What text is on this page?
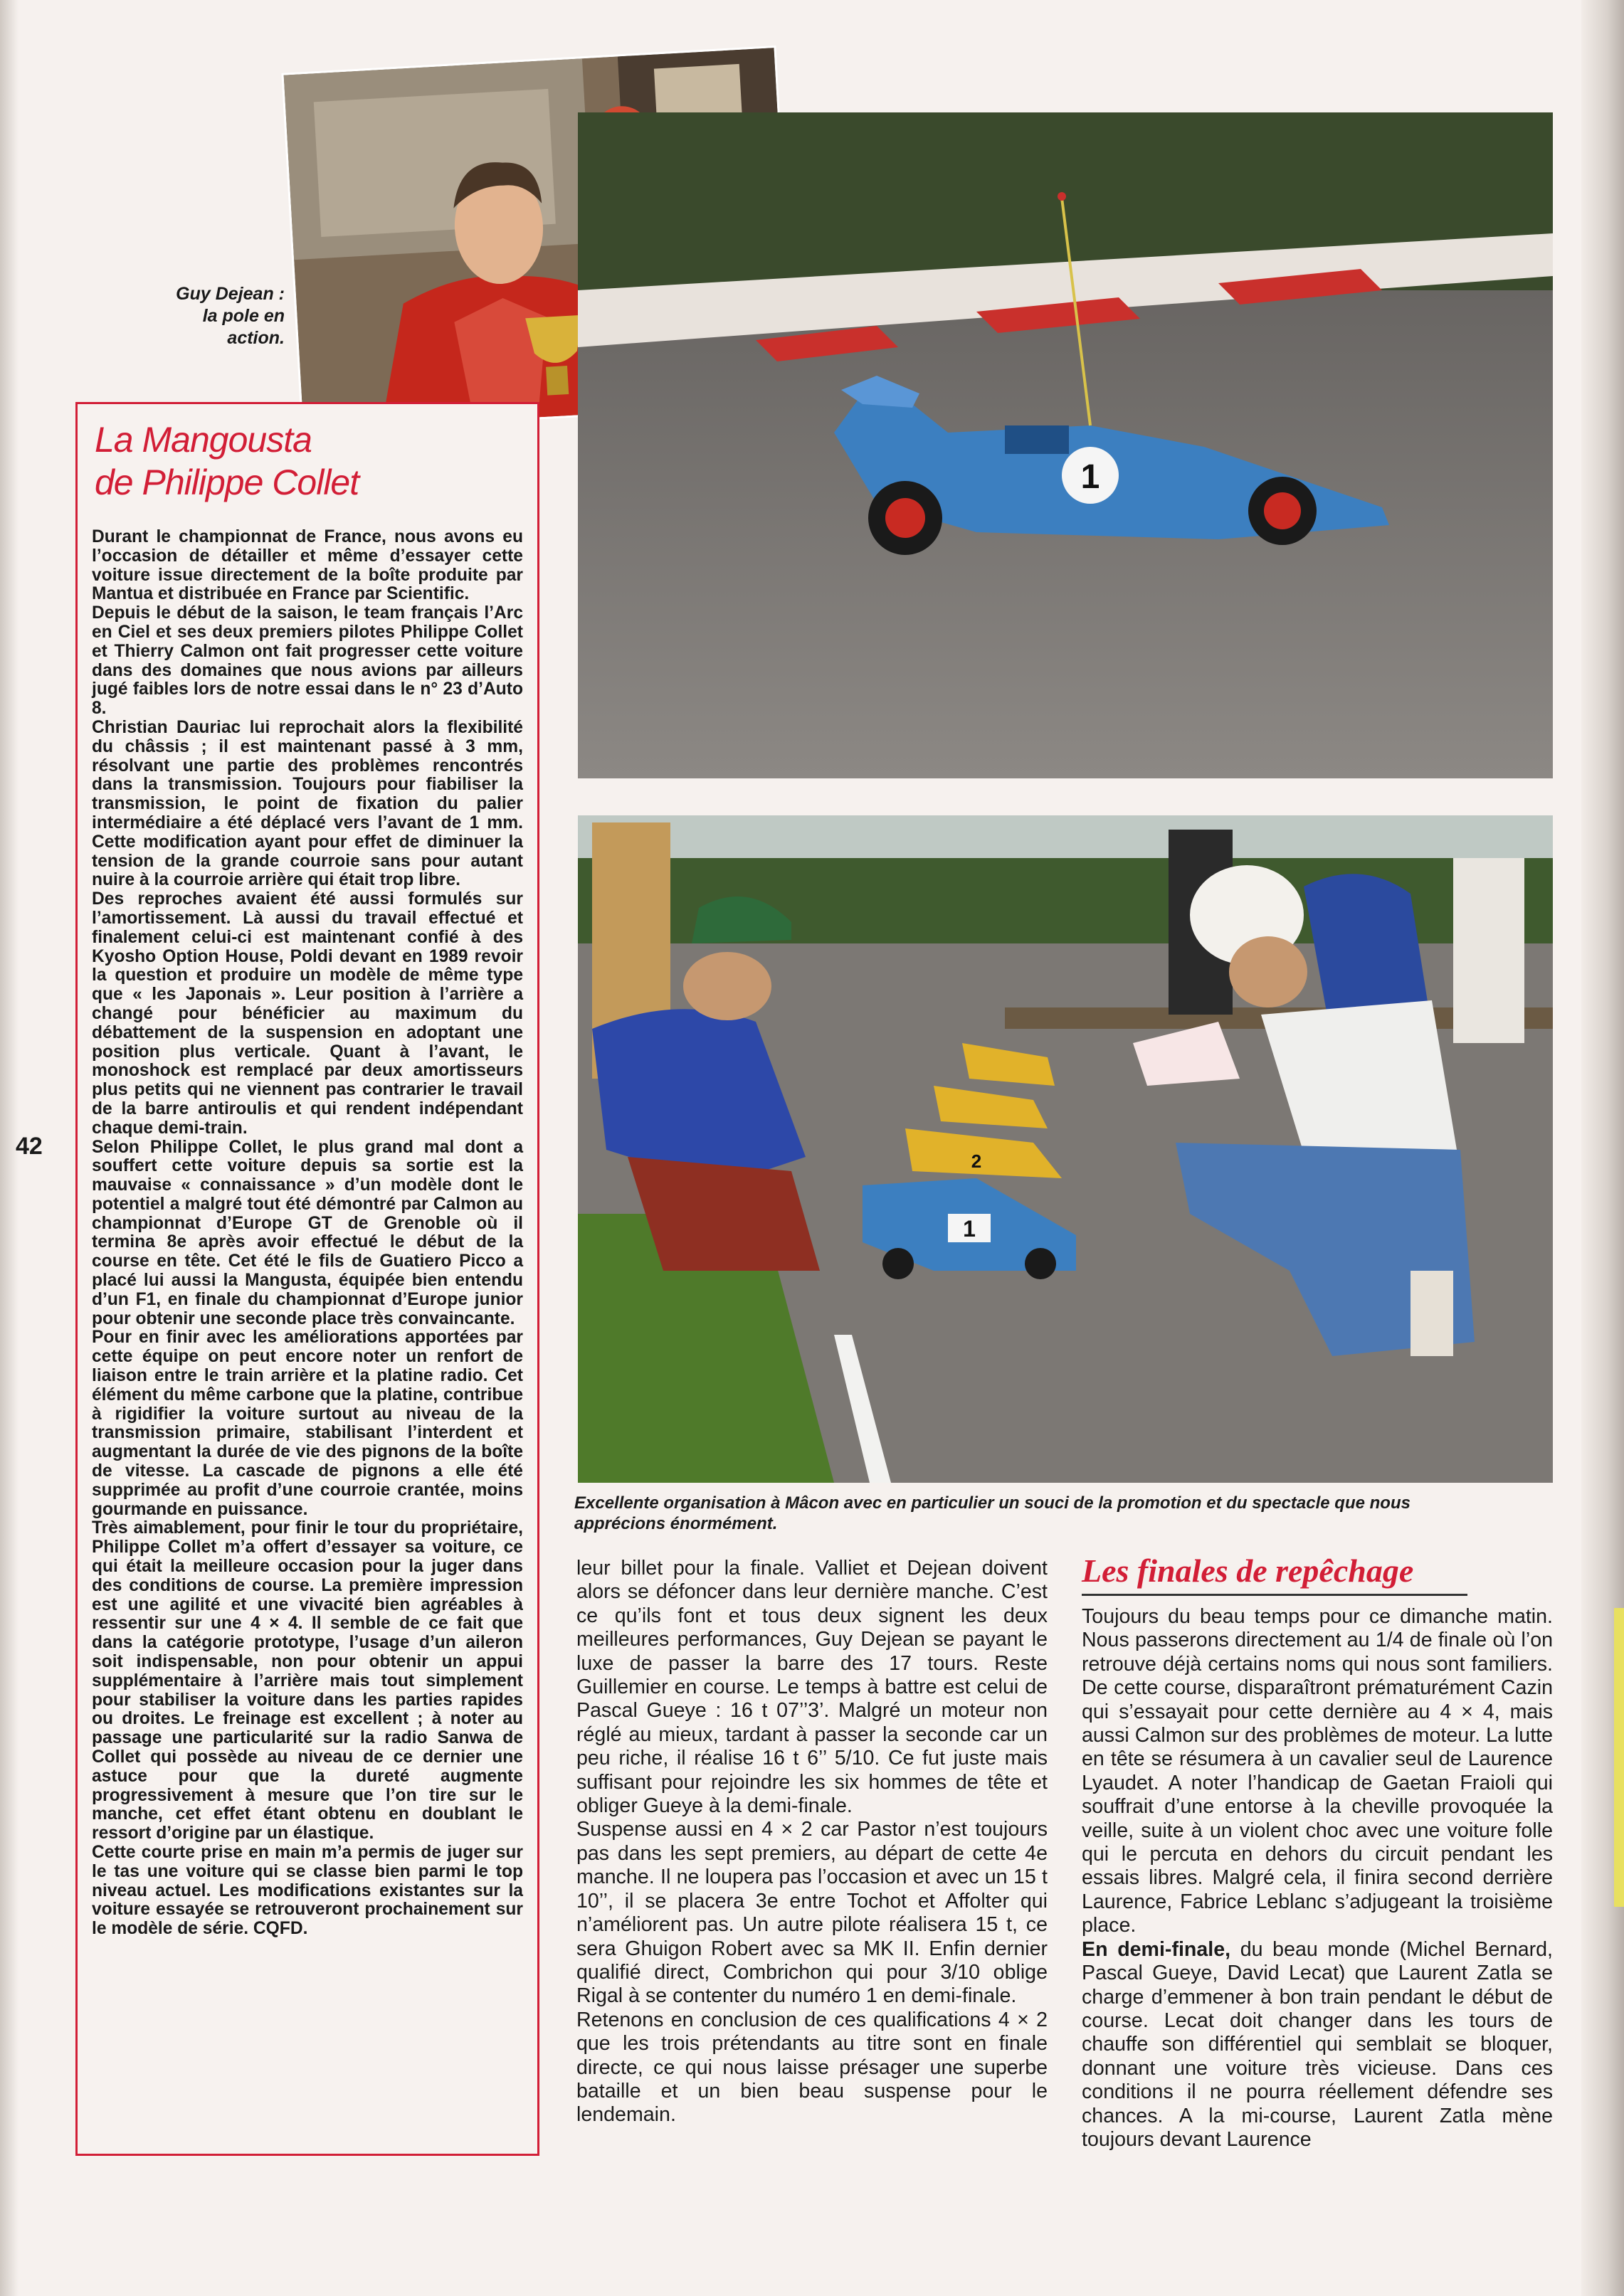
Guy Dejean :
la pole en
action.
1
La Mangousta
de Philippe Collet

Durant le championnat de France, nous avons eu l’occasion de détailler et même d’essayer cette voiture issue directement de la boîte produite par Mantua et distribuée en France par Scientific.

Depuis le début de la saison, le team français l’Arc en Ciel et ses deux premiers pilotes Philippe Collet et Thierry Calmon ont fait progresser cette voiture dans des domaines que nous avions par ailleurs jugé faibles lors de notre essai dans le n° 23 d’Auto 8.

Christian Dauriac lui reprochait alors la flexibilité du châssis ; il est maintenant passé à 3 mm, résolvant une partie des problèmes rencontrés dans la transmission. Toujours pour fiabiliser la transmission, le point de fixation du palier intermédiaire a été déplacé vers l’avant de 1 mm. Cette modification ayant pour effet de diminuer la tension de la grande courroie sans pour autant nuire à la courroie arrière qui était trop libre.

Des reproches avaient été aussi formulés sur l’amortissement. Là aussi du travail effectué et finalement celui-ci est maintenant confié à des Kyosho Option House, Poldi devant en 1989 revoir la question et produire un modèle de même type que « les Japonais ». Leur position à l’arrière a changé pour bénéficier au maximum du débattement de la suspension en adoptant une position plus verticale. Quant à l’avant, le monoshock est remplacé par deux amortisseurs plus petits qui ne viennent pas contrarier le travail de la barre antiroulis et qui rendent indépendant chaque demi-train.

Selon Philippe Collet, le plus grand mal dont a souffert cette voiture depuis sa sortie est la mauvaise « connaissance » d’un modèle dont le potentiel a malgré tout été démontré par Calmon au championnat d’Europe GT de Grenoble où il termina 8e après avoir effectué le début de la course en tête. Cet été le fils de Guatiero Picco a placé lui aussi la Mangusta, équipée bien entendu d’un F1, en finale du championnat d’Europe junior pour obtenir une seconde place très convaincante.

Pour en finir avec les améliorations apportées par cette équipe on peut encore noter un renfort de liaison entre le train arrière et la platine radio. Cet élément du même carbone que la platine, contribue à rigidifier la voiture surtout au niveau de la transmission primaire, stabilisant l’interdent et augmentant la durée de vie des pignons de la boîte de vitesse. La cascade de pignons a elle été supprimée au profit d’une courroie crantée, moins gourmande en puissance.

Très aimablement, pour finir le tour du propriétaire, Philippe Collet m’a offert d’essayer sa voiture, ce qui était la meilleure occasion pour la juger dans des conditions de course. La première impression est une agilité et une vivacité bien agréables à ressentir sur une 4 × 4. Il semble de ce fait que dans la catégorie prototype, l’usage d’un aileron soit indispensable, non pour obtenir un appui supplémentaire à l’arrière mais tout simplement pour stabiliser la voiture dans les parties rapides ou droites. Le freinage est excellent ; à noter au passage une particularité sur la radio Sanwa de Collet qui possède au niveau de ce dernier une astuce pour que la dureté augmente progressivement à mesure que l’on tire sur le manche, cet effet étant obtenu en doublant le ressort d’origine par un élastique.

Cette courte prise en main m’a permis de juger sur le tas une voiture qui se classe bien parmi le top niveau actuel. Les modifications existantes sur la voiture essayée se retrouveront prochainement sur le modèle de série. CQFD.

42
1
2
Excellente organisation à Mâcon avec en particulier un souci de la promotion et du spectacle que nous apprécions énormément.

leur billet pour la finale. Valliet et Dejean doivent alors se défoncer dans leur dernière manche. C’est ce qu’ils font et tous deux signent les deux meilleures performances, Guy Dejean se payant le luxe de passer la barre des 17 tours. Reste Guillemier en course. Le temps à battre est celui de Pascal Gueye : 16 t 07’’3’. Malgré un moteur non réglé au mieux, tardant à passer la seconde car un peu riche, il réalise 16 t 6’’ 5/10. Ce fut juste mais suffisant pour rejoindre les six hommes de tête et obliger Gueye à la demi-finale.

Suspense aussi en 4 × 2 car Pastor n’est toujours pas dans les sept premiers, au départ de cette 4e manche. Il ne loupera pas l’occasion et avec un 15 t 10’’, il se placera 3e entre Tochot et Affolter qui n’améliorent pas. Un autre pilote réalisera 15 t, ce sera Ghuigon Robert avec sa MK II. Enfin dernier qualifié direct, Combrichon qui pour 3/10 oblige Rigal à se contenter du numéro 1 en demi-finale.

Retenons en conclusion de ces qualifications 4 × 2 que les trois prétendants au titre sont en finale directe, ce qui nous laisse présager une superbe bataille et un bien beau suspense pour le lendemain.

Les finales de repêchage

Toujours du beau temps pour ce dimanche matin. Nous passerons directement au 1/4 de finale où l’on retrouve déjà certains noms qui nous sont familiers. De cette course, disparaîtront prématurément Cazin qui s’essayait pour cette dernière au 4 × 4, mais aussi Calmon sur des problèmes de moteur. La lutte en tête se résumera à un cavalier seul de Laurence Lyaudet. A noter l’handicap de Gaetan Fraioli qui souffrait d’une entorse à la cheville provoquée la veille, suite à un violent choc avec une voiture folle qui le percuta en dehors du circuit pendant les essais libres. Malgré cela, il finira second derrière Laurence, Fabrice Leblanc s’adjugeant la troisième place.

En demi-finale, du beau monde (Michel Bernard, Pascal Gueye, David Lecat) que Laurent Zatla se charge d’emmener à bon train pendant le début de course. Lecat doit changer dans les tours de chauffe son différentiel qui semblait se bloquer, donnant une voiture très vicieuse. Dans ces conditions il ne pourra réellement défendre ses chances. A la mi-course, Laurent Zatla mène toujours devant Laurence
